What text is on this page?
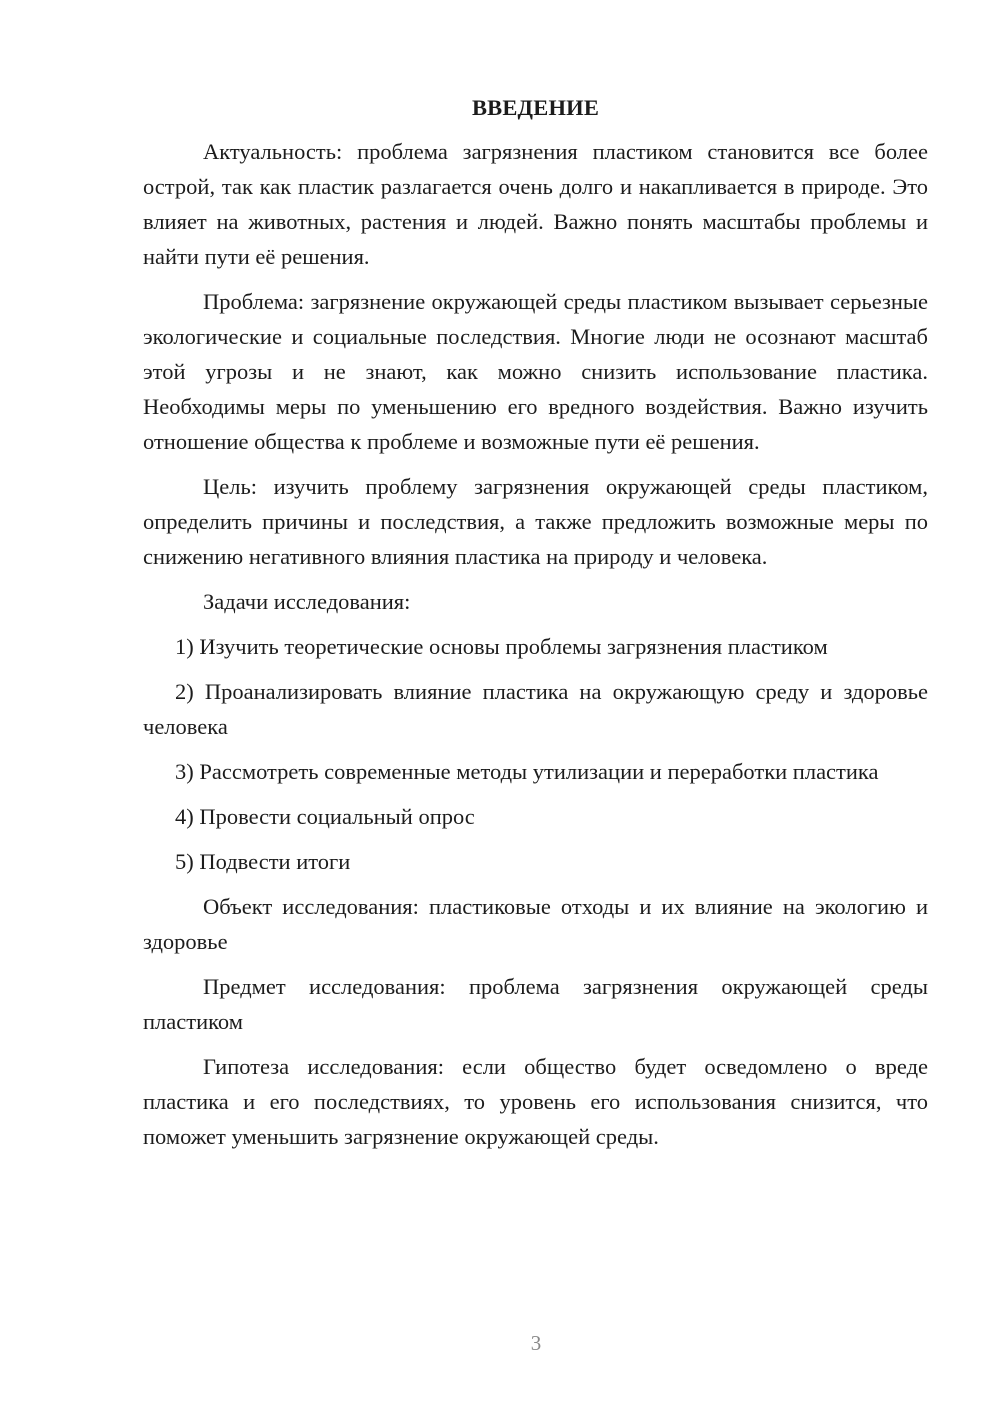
ВВЕДЕНИЕ

Актуальность: проблема загрязнения пластиком становится все более острой, так как пластик разлагается очень долго и накапливается в природе. Это влияет на животных, растения и людей. Важно понять масштабы проблемы и найти пути её решения.

Проблема: загрязнение окружающей среды пластиком вызывает серьезные экологические и социальные последствия. Многие люди не осознают масштаб этой угрозы и не знают, как можно снизить использование пластика. Необходимы меры по уменьшению его вредного воздействия. Важно изучить отношение общества к проблеме и возможные пути её решения.

Цель: изучить проблему загрязнения окружающей среды пластиком, определить причины и последствия, а также предложить возможные меры по снижению негативного влияния пластика на природу и человека.

Задачи исследования:

1) Изучить теоретические основы проблемы загрязнения пластиком

2) Проанализировать влияние пластика на окружающую среду и здоровье человека

3) Рассмотреть современные методы утилизации и переработки пластика

4) Провести социальный опрос

5) Подвести итоги

Объект исследования: пластиковые отходы и их влияние на экологию и здоровье

Предмет исследования: проблема загрязнения окружающей среды пластиком

Гипотеза исследования: если общество будет осведомлено о вреде пластика и его последствиях, то уровень его использования снизится, что поможет уменьшить загрязнение окружающей среды.

3
